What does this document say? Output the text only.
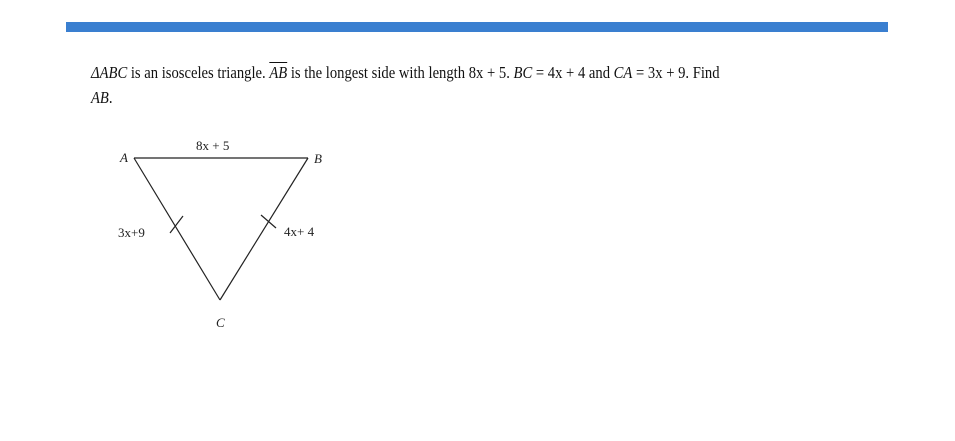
ΔABC is an isosceles triangle. $\overline{AB}$ is the longest side with length 8x + 5. BC = 4x + 4 and CA = 3x + 9. Find
AB.
A	B
C
8x + 5
3x+9	4x+ 4
